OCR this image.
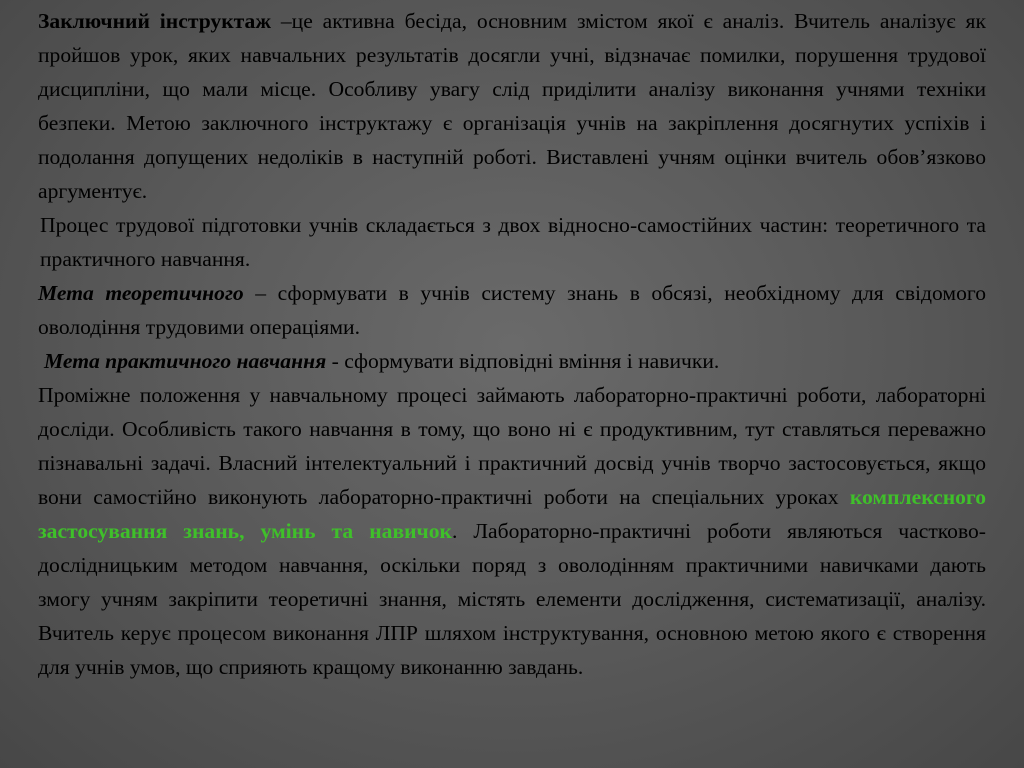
Заключний інструктаж –це активна бесіда, основним змістом якої є аналіз. Вчитель аналізує як пройшов урок, яких навчальних результатів досягли учні, відзначає помилки, порушення трудової дисципліни, що мали місце. Особливу увагу слід приділити аналізу виконання учнями техніки безпеки. Метою заключного інструктажу є організація учнів на закріплення досягнутих успіхів і подолання допущених недоліків в наступній роботі. Виставлені учням оцінки вчитель обов’язково аргументує.

Процес трудової підготовки учнів складається з двох відносно-самостійних частин: теоретичного та практичного навчання.

Мета теоретичного – сформувати в учнів систему знань в обсязі, необхідному для свідомого оволодіння трудовими операціями.

Мета практичного навчання - сформувати відповідні вміння і навички.

Проміжне положення у навчальному процесі займають лабораторно-практичні роботи, лабораторні досліди. Особливість такого навчання в тому, що воно ні є продуктивним, тут ставляться переважно пізнавальні задачі. Власний інтелектуальний і практичний досвід учнів творчо застосовується, якщо вони самостійно виконують лабораторно-практичні роботи на спеціальних уроках комплексного застосування знань, умінь та навичок. Лабораторно-практичні роботи являються частково-дослідницьким методом навчання, оскільки поряд з оволодінням практичними навичками дають змогу учням закріпити теоретичні знання, містять елементи дослідження, систематизації, аналізу. Вчитель керує процесом виконання ЛПР шляхом інструктування, основною метою якого є створення для учнів умов, що сприяють кращому виконанню завдань.
